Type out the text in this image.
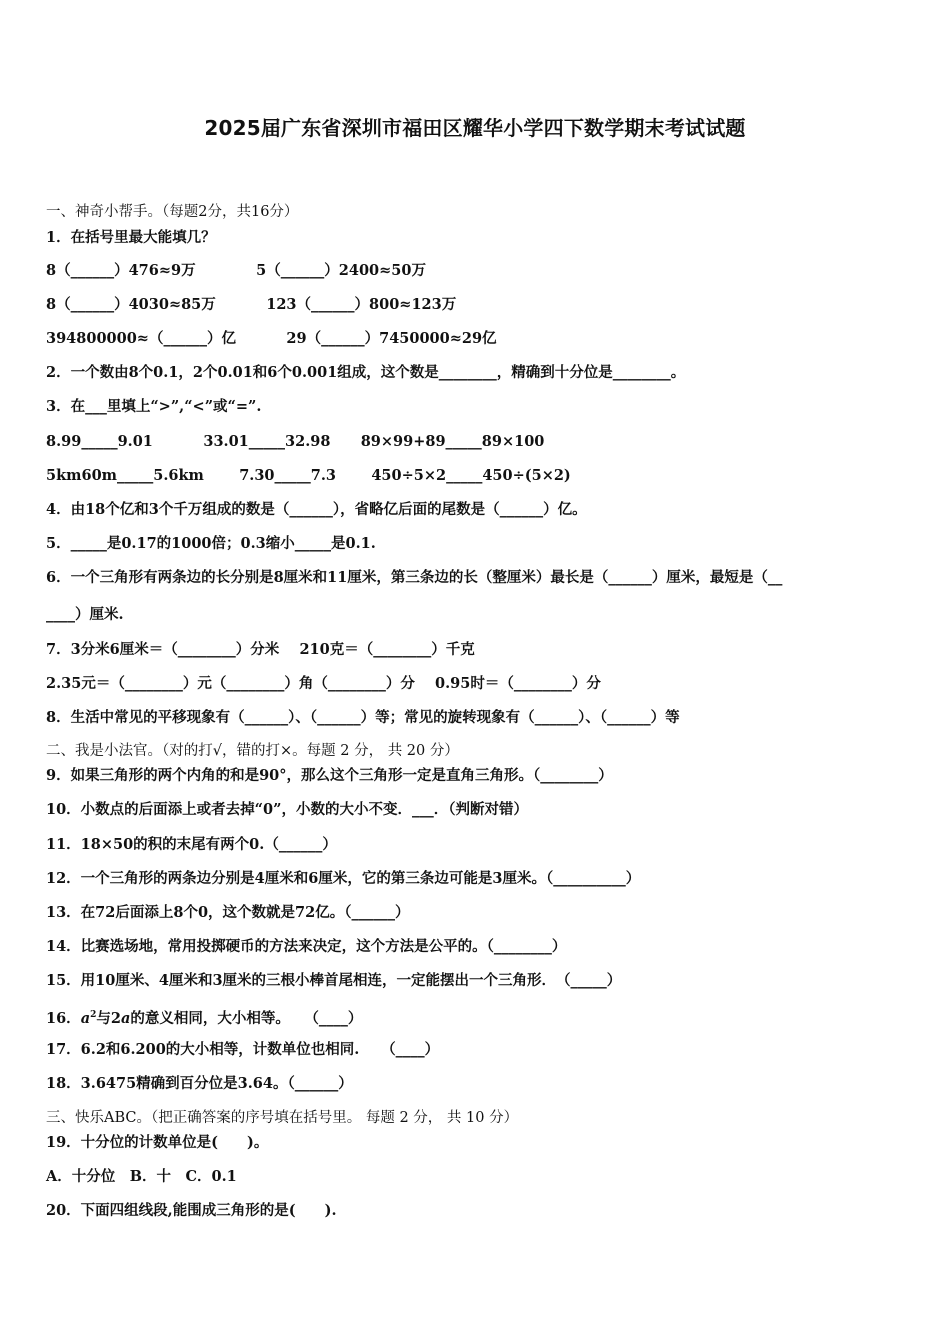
2025届广东省深圳市福田区耀华小学四下数学期末考试试题
一、神奇小帮手。（每题2分，共16分）
1．在括号里最大能填几？
8（______）476≈9万            5（______）2400≈50万
8（______）4030≈85万          123（______）800≈123万
394800000≈（______）亿          29（______）7450000≈29亿
2．一个数由8个0.1，2个0.01和6个0.001组成，这个数是________，精确到十分位是________。
3．在___里填上“>”,“<”或“=”.
8.99_____9.01          33.01_____32.98      89×99+89_____89×100
5km60m_____5.6km       7.30_____7.3       450÷5×2_____450÷(5×2)
4．由18个亿和3个千万组成的数是（______），省略亿后面的尾数是（______）亿。
5．_____是0.17的1000倍；0.3缩小_____是0.1.
6．一个三角形有两条边的长分别是8厘米和11厘米，第三条边的长（整厘米）最长是（______）厘米，最短是（__
____）厘米.
7．3分米6厘米＝（________）分米    210克＝（________）千克
2.35元＝（________）元（________）角（________）分    0.95时＝（________）分
8．生活中常见的平移现象有（______）、（______）等；常见的旋转现象有（______）、（______）等
二、我是小法官。（对的打√，错的打×。每题 2 分， 共 20 分）
9．如果三角形的两个内角的和是90°，那么这个三角形一定是直角三角形。（________）
10．小数点的后面添上或者去掉“0”，小数的大小不变．___．（判断对错）
11．18×50的积的末尾有两个0.（______）
12．一个三角形的两条边分别是4厘米和6厘米，它的第三条边可能是3厘米。（__________）
13．在72后面添上8个0，这个数就是72亿。（______）
14．比赛选场地，常用投掷硬币的方法来决定，这个方法是公平的。（________）
15．用10厘米、4厘米和3厘米的三根小棒首尾相连，一定能摆出一个三角形．　（_____）
16．$a^2$与2a的意义相同，大小相等。　　（____）
17．6.2和6.200的大小相等，计数单位也相同.　　（____）
18．3.6475精确到百分位是3.64。（______）
三、快乐ABC。（把正确答案的序号填在括号里。 每题 2 分， 共 10 分）
19．十分位的计数单位是(　　)。
A．十分位　B．十　C．0.1
20．下面四组线段,能围成三角形的是(　　).
